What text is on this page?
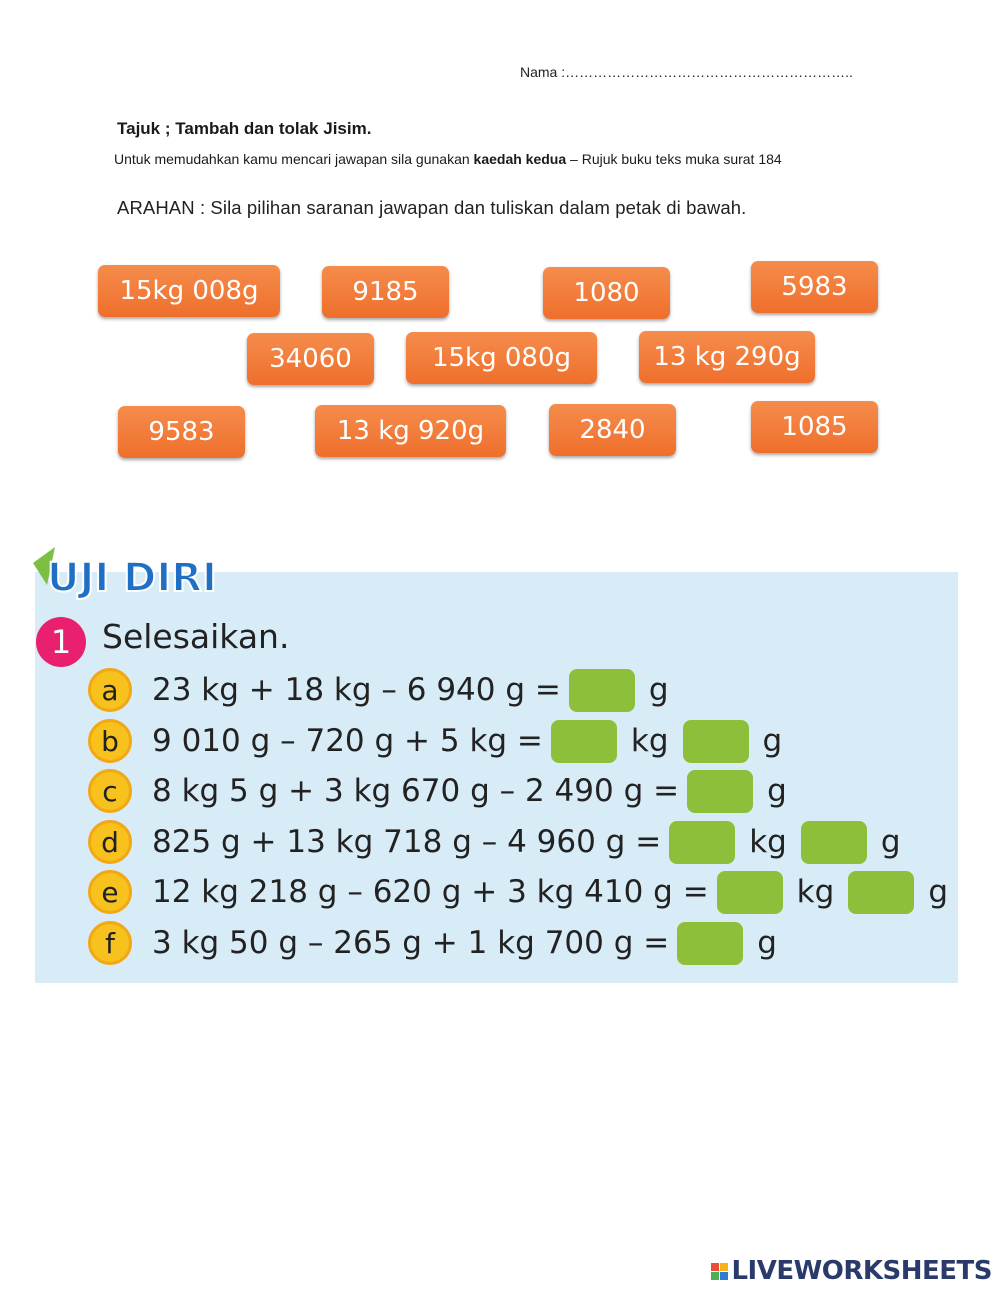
Nama :……………………………………………………..
Tajuk ; Tambah dan tolak Jisim.
Untuk memudahkan kamu mencari jawapan sila gunakan kaedah kedua – Rujuk buku teks muka surat 184
ARAHAN : Sila pilihan saranan jawapan dan tuliskan dalam petak di bawah.
15kg 008g	9185	1080	5983
34060	15kg 080g	13 kg 290g
9583	13 kg 920g	2840	1085
UJI DIRI
1 Selesaikan.
a	23 kg + 18 kg – 6 940 g =	g
b	9 010 g – 720 g + 5 kg =	kg	g
c	8 kg 5 g + 3 kg 670 g – 2 490 g =	g
d	825 g + 13 kg 718 g – 4 960 g =	kg	g
e	12 kg 218 g – 620 g + 3 kg 410 g =	kg	g
f	3 kg 50 g – 265 g + 1 kg 700 g =	g
LIVEWORKSHEETS
